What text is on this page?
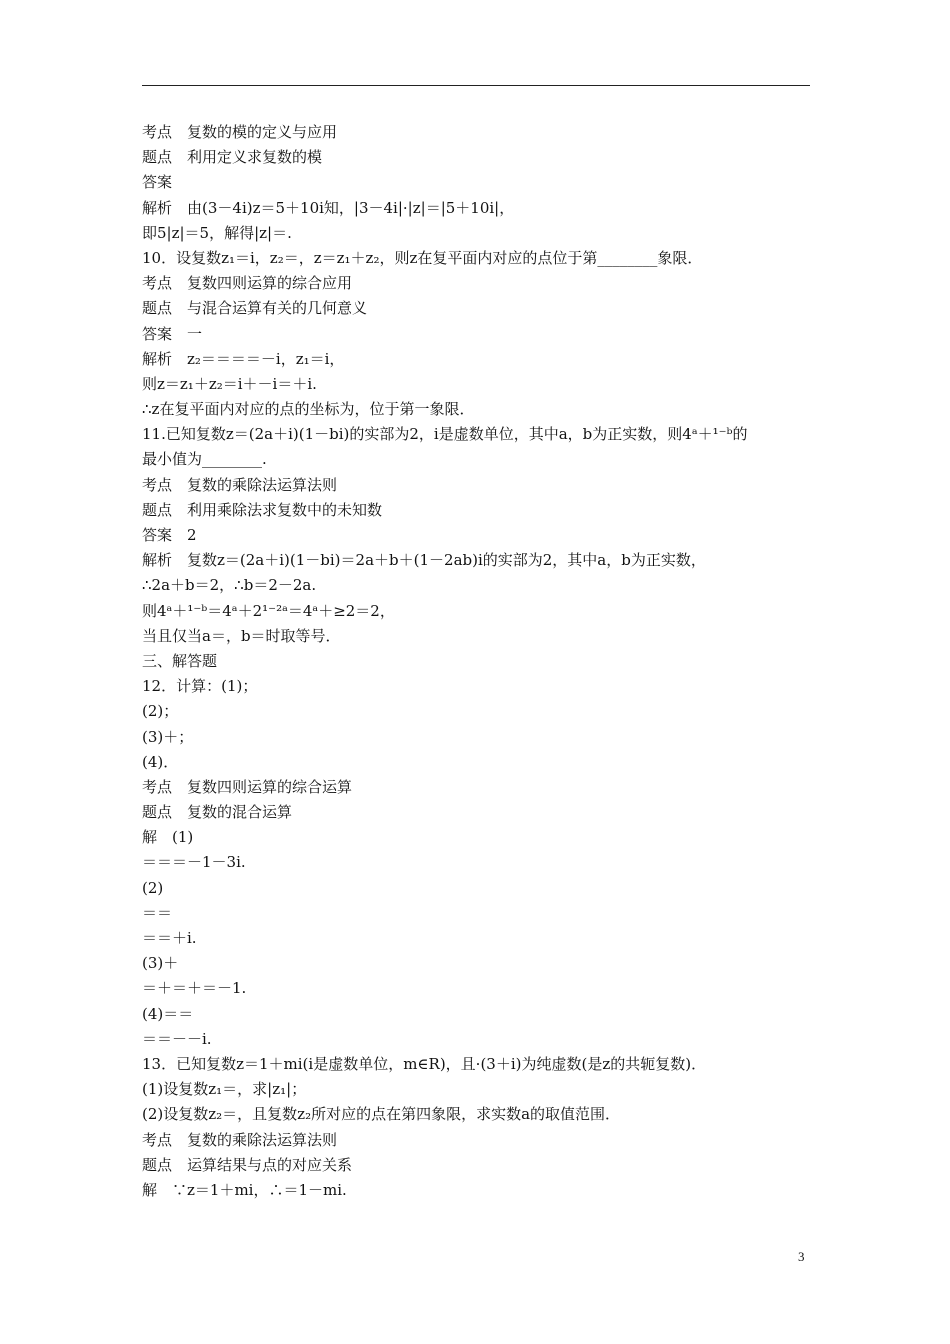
考点　复数的模的定义与应用
题点　利用定义求复数的模
答案
解析　由(3－4i)z＝5＋10i知，|3－4i|·|z|＝|5＋10i|，
即5|z|＝5，解得|z|＝.
10．设复数z₁＝i，z₂＝，z＝z₁＋z₂，则z在复平面内对应的点位于第________象限．
考点　复数四则运算的综合应用
题点　与混合运算有关的几何意义
答案　一
解析　z₂＝＝＝＝－i，z₁＝i，
则z＝z₁＋z₂＝i＋－i＝＋i.
∴z在复平面内对应的点的坐标为，位于第一象限．
11.已知复数z＝(2a＋i)(1－bi)的实部为2，i是虚数单位，其中a，b为正实数，则4ᵃ＋¹⁻ᵇ的
最小值为________.
考点　复数的乘除法运算法则
题点　利用乘除法求复数中的未知数
答案　2
解析　复数z＝(2a＋i)(1－bi)＝2a＋b＋(1－2ab)i的实部为2，其中a，b为正实数，
∴2a＋b＝2，∴b＝2－2a.
则4ᵃ＋¹⁻ᵇ＝4ᵃ＋2¹⁻²ᵃ＝4ᵃ＋≥2＝2，
当且仅当a＝，b＝时取等号．
三、解答题
12．计算：(1)；
(2)；
(3)＋；
(4)．
考点　复数四则运算的综合运算
题点　复数的混合运算
解　(1)
＝＝＝－1－3i.
(2)
＝＝
＝＝＋i.
(3)＋
＝＋＝＋＝－1.
(4)＝＝
＝＝－－i.
13．已知复数z＝1＋mi(i是虚数单位，m∈R)，且·(3＋i)为纯虚数(是z的共轭复数)．
(1)设复数z₁＝，求|z₁|；
(2)设复数z₂＝，且复数z₂所对应的点在第四象限，求实数a的取值范围．
考点　复数的乘除法运算法则
题点　运算结果与点的对应关系
解　∵z＝1＋mi，∴＝1－mi.
3
